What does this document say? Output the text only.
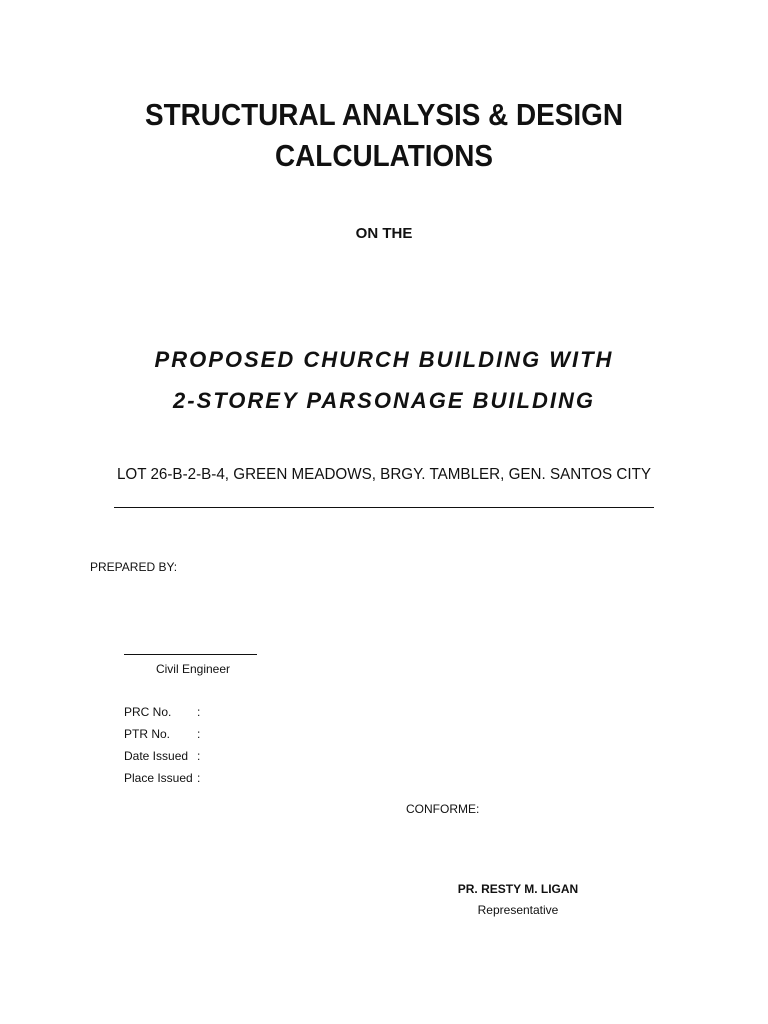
STRUCTURAL ANALYSIS & DESIGN
CALCULATIONS
ON THE
PROPOSED CHURCH BUILDING WITH
2-STOREY PARSONAGE BUILDING
LOT 26-B-2-B-4, GREEN MEADOWS, BRGY. TAMBLER, GEN. SANTOS CITY
PREPARED BY:
Civil Engineer
PRC No.	:
PTR No.	:
Date Issued :
Place Issued :
CONFORME:
PR. RESTY M. LIGAN
Representative
